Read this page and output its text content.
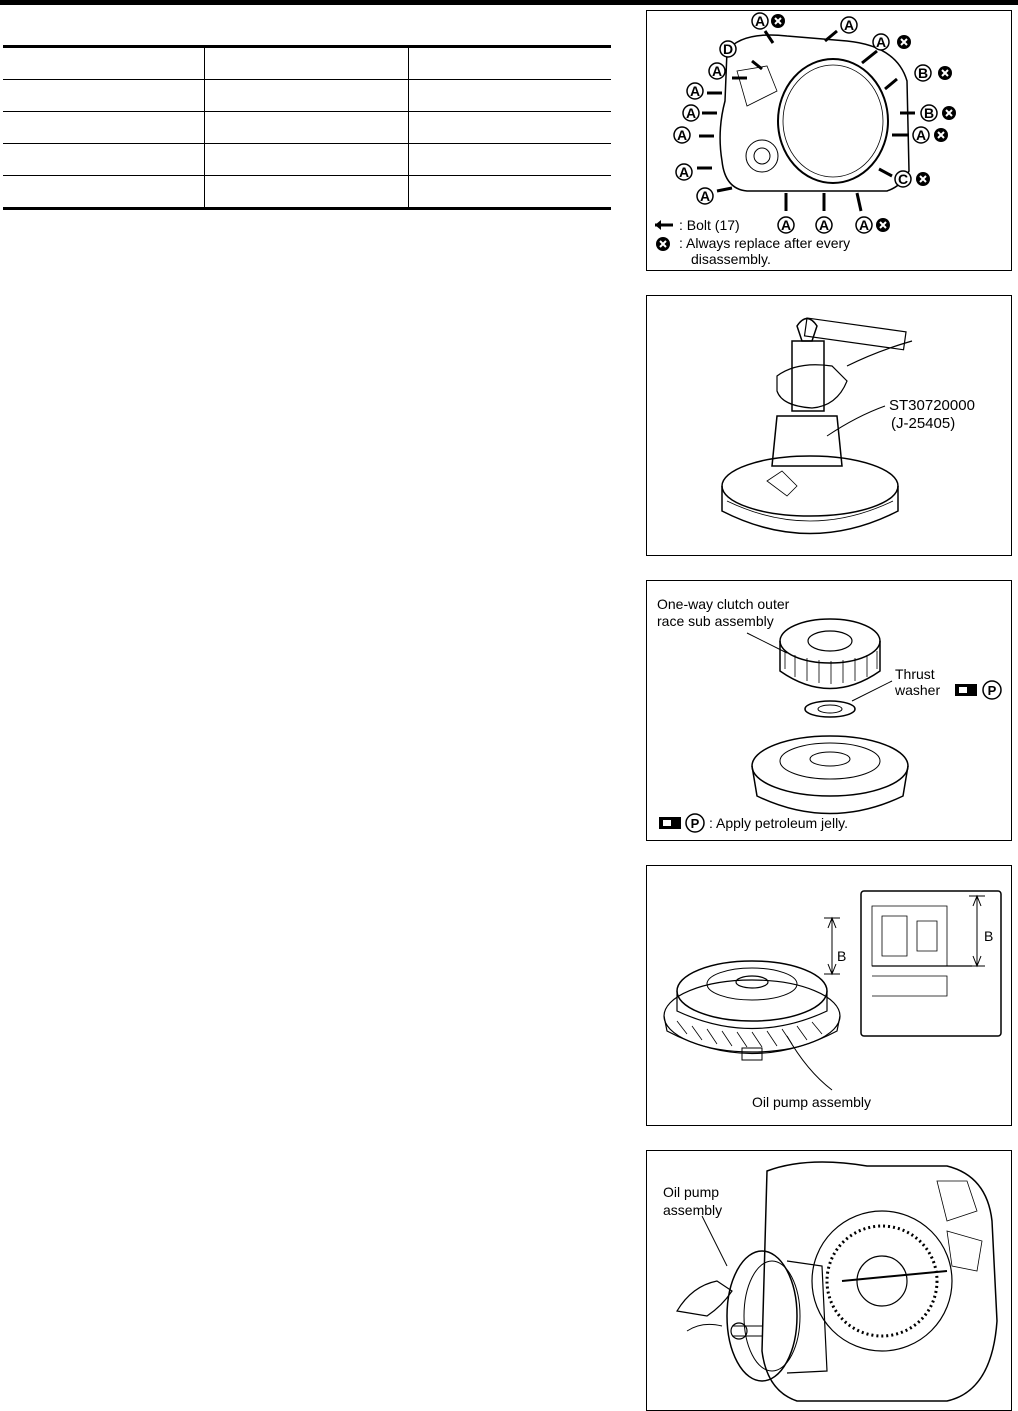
A	A
A
D
A
A
A
A
A
A
B
B
A
C
A A A
: Bolt (17)
: Always replace after every
disassembly.
ST30720000
(J-25405)
One-way clutch outer
race sub assembly
Thrust
washer	P
P : Apply petroleum jelly.
B
B
Oil pump assembly
Oil pump
assembly
